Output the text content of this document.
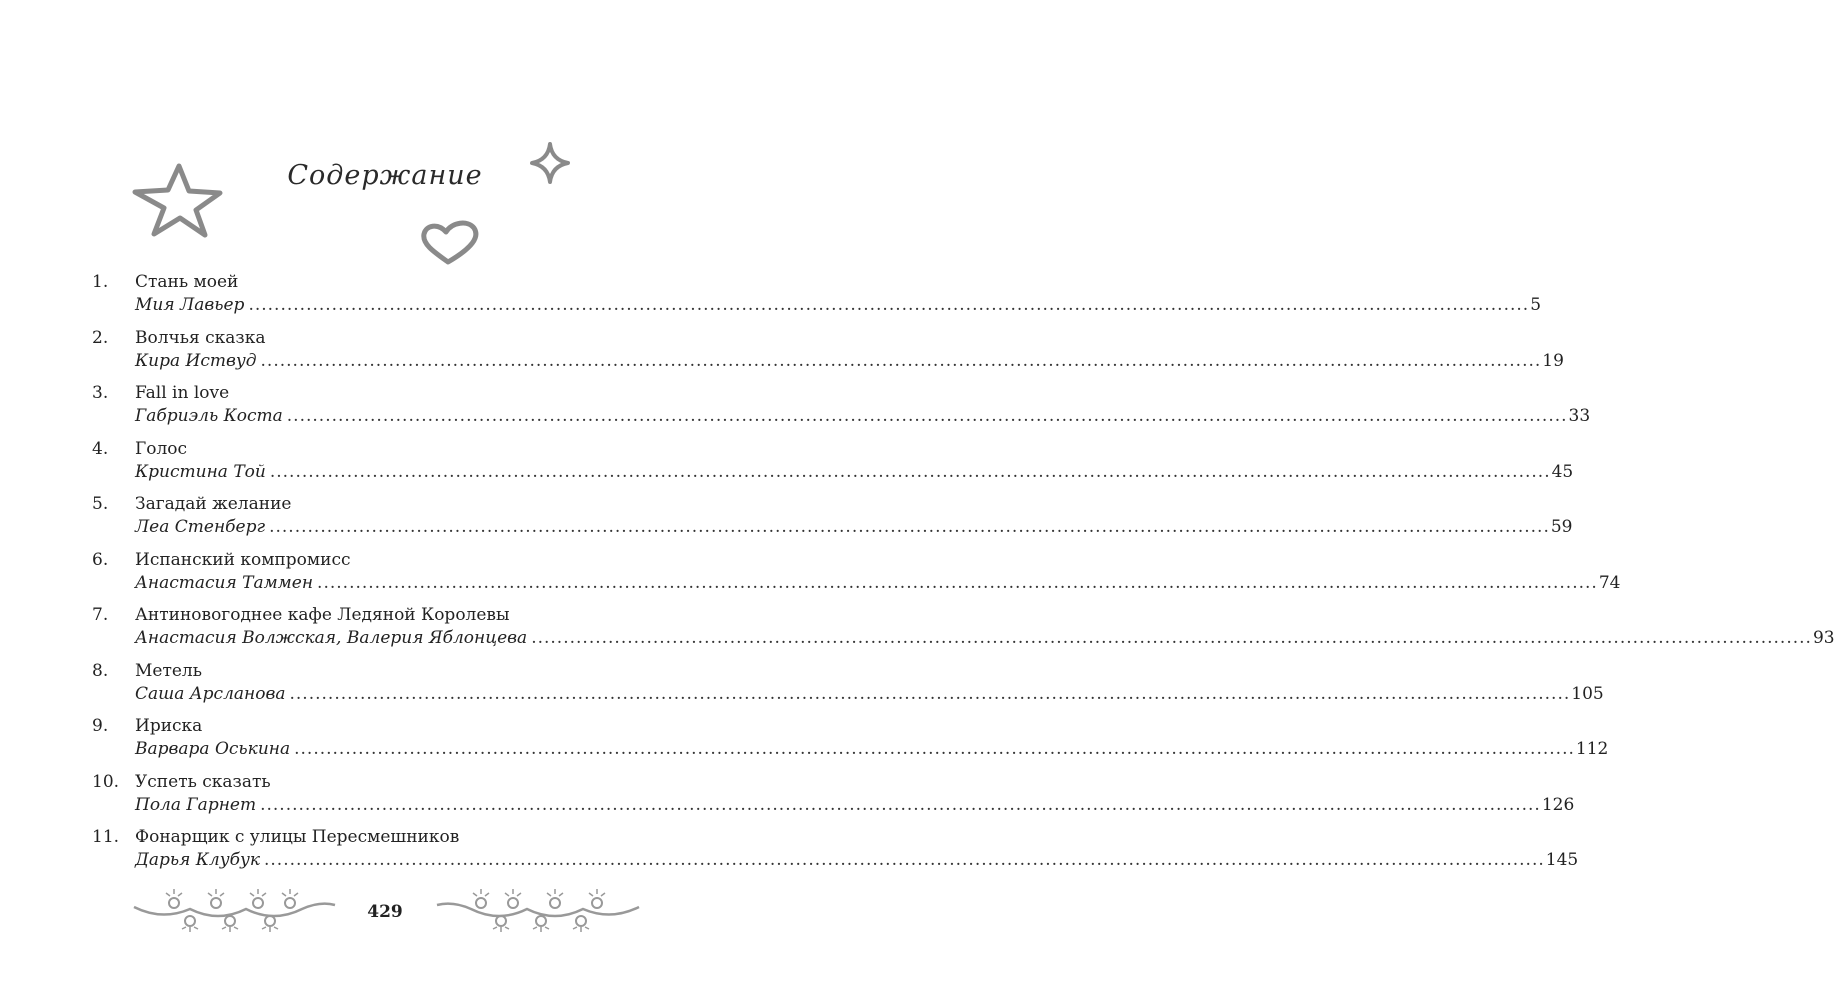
Содержание
1. Стань моей
Мия Лавьер ........................................................................................................................................................................................................ 5
2. Волчья сказка
Кира Иствуд ........................................................................................................................................................................................................ 19
3. Fall in love
Габриэль Коста ........................................................................................................................................................................................................ 33
4. Голос
Кристина Той ........................................................................................................................................................................................................ 45
5. Загадай желание
Леа Стенберг ........................................................................................................................................................................................................ 59
6. Испанский компромисс
Анастасия Таммен ........................................................................................................................................................................................................ 74
7. Антиновогоднее кафе Ледяной Королевы
Анастасия Волжская, Валерия Яблонцева ........................................................................................................................................................................................................ 93
8. Метель
Саша Арсланова ........................................................................................................................................................................................................ 105
9. Ириска
Варвара Оськина ........................................................................................................................................................................................................ 112
10. Успеть сказать
Пола Гарнет ........................................................................................................................................................................................................ 126
11. Фонарщик с улицы Пересмешников
Дарья Клубук ........................................................................................................................................................................................................ 145
429
